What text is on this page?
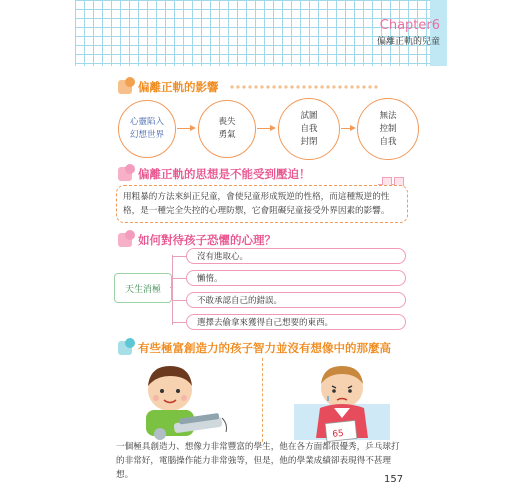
Chapter6
偏離正軌的兒童
偏離正軌的影響
心靈陷入
幻想世界
喪失
勇氣
試圖
自我
封閉
無法
控制
自我
偏離正軌的思想是不能受到壓迫！
用粗暴的方法來糾正兒童，會使兒童形成叛逆的性格，而這種叛逆的性格，是一種完全失控的心理防禦，它會阻礙兒童接受外界因素的影響。
如何對待孩子恐懼的心理？
天生消極
沒有進取心。
懶惰。
不敢承認自己的錯誤。
選擇去偷拿來獲得自己想要的東西。
有些極富創造力的孩子智力並沒有想像中的那麼高
65
一個極具創造力、想像力非常豐富的學生，他在各方面都很優秀，乒乓球打的非常好，電腦操作能力非常強等，但是，他的學業成績卻表現得不甚理想。	157
